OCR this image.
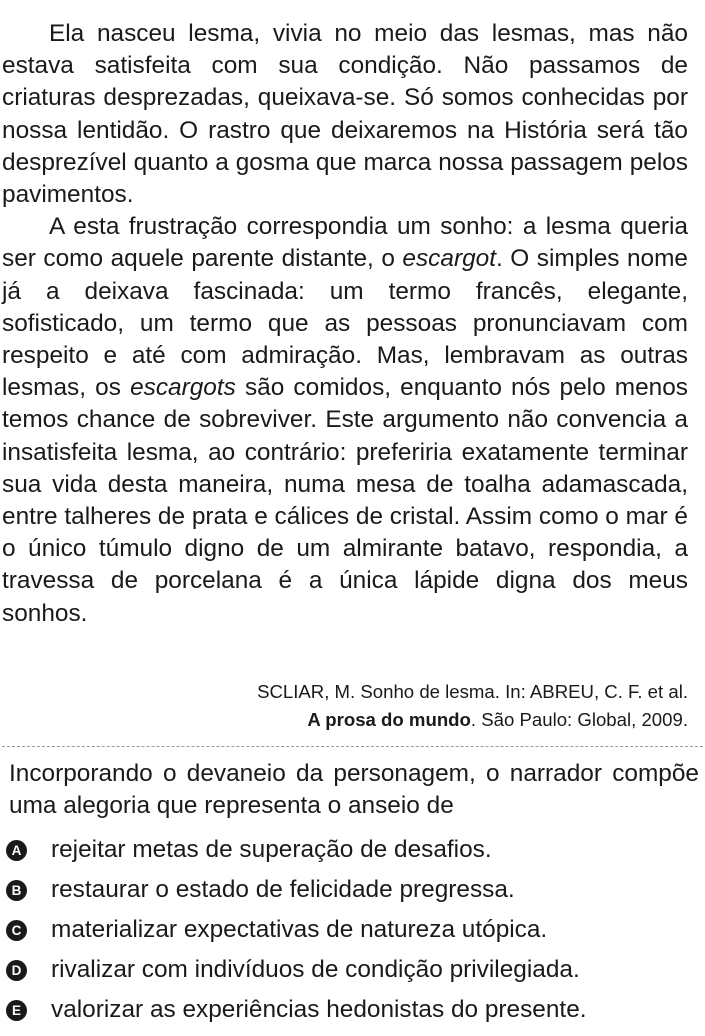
Ela nasceu lesma, vivia no meio das lesmas, mas não estava satisfeita com sua condição. Não passamos de criaturas desprezadas, queixava-se. Só somos conhecidas por nossa lentidão. O rastro que deixaremos na História será tão desprezível quanto a gosma que marca nossa passagem pelos pavimentos.

A esta frustração correspondia um sonho: a lesma queria ser como aquele parente distante, o escargot. O simples nome já a deixava fascinada: um termo francês, elegante, sofisticado, um termo que as pessoas pronunciavam com respeito e até com admiração. Mas, lembravam as outras lesmas, os escargots são comidos, enquanto nós pelo menos temos chance de sobreviver. Este argumento não convencia a insatisfeita lesma, ao contrário: preferiria exatamente terminar sua vida desta maneira, numa mesa de toalha adamascada, entre talheres de prata e cálices de cristal. Assim como o mar é o único túmulo digno de um almirante batavo, respondia, a travessa de porcelana é a única lápide digna dos meus sonhos.

SCLIAR, M. Sonho de lesma. In: ABREU, C. F. et al.
A prosa do mundo. São Paulo: Global, 2009.
Incorporando o devaneio da personagem, o narrador compõe uma alegoria que representa o anseio de
A rejeitar metas de superação de desafios.
B restaurar o estado de felicidade pregressa.
C materializar expectativas de natureza utópica.
D rivalizar com indivíduos de condição privilegiada.
E valorizar as experiências hedonistas do presente.
